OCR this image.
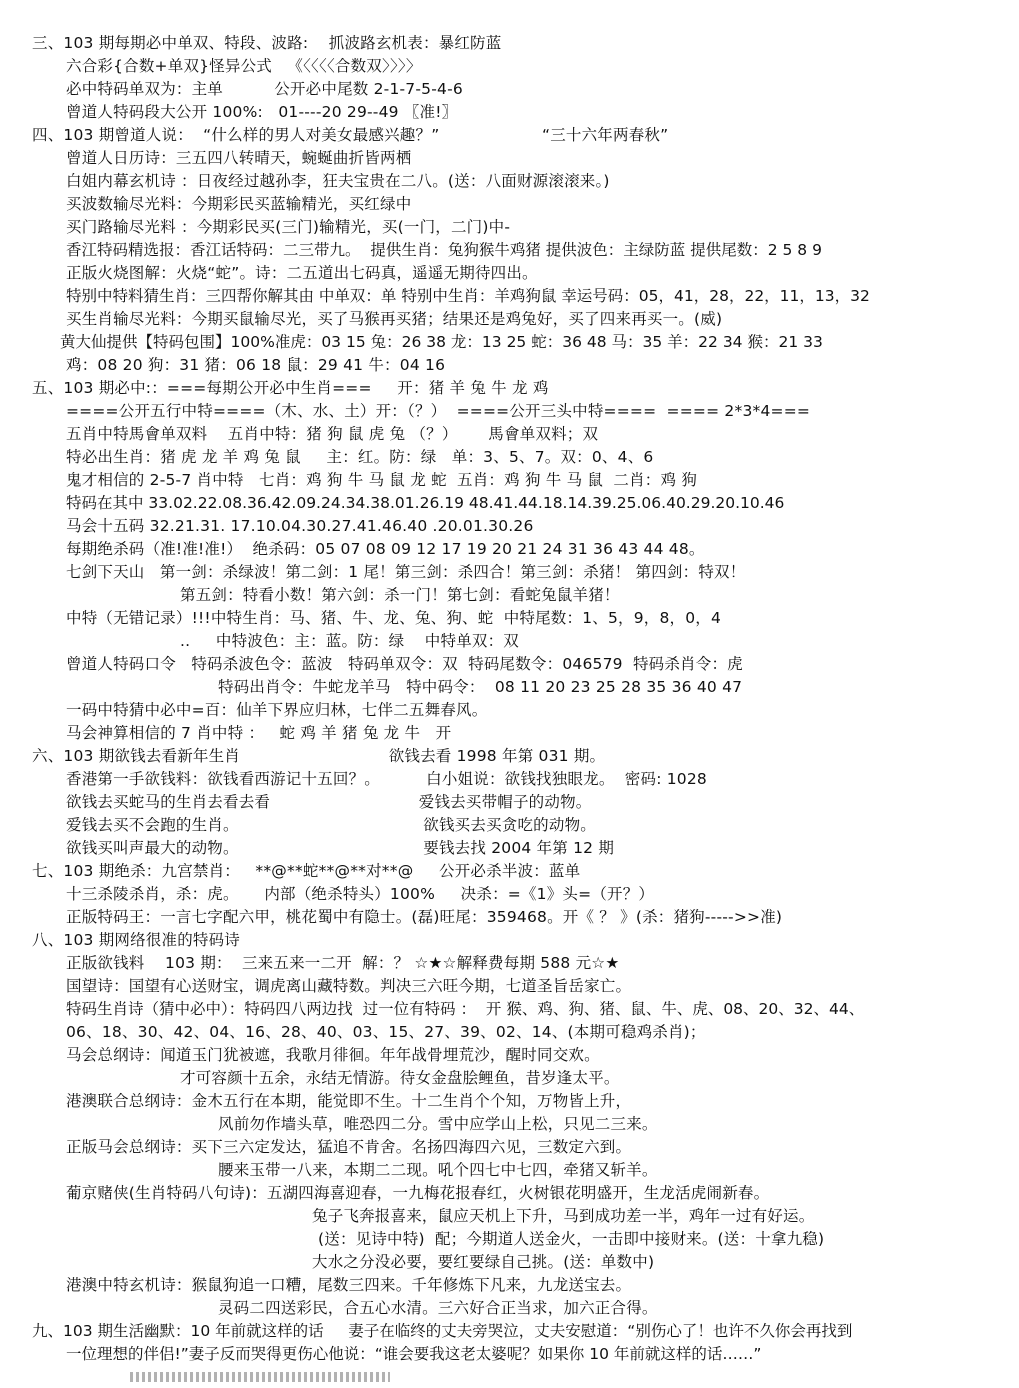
三、103 期每期必中单双、特段、波路:    抓波路玄机表：暴红防蓝
六合彩{合数+单双}怪异公式   《〈〈〈〈合数双〉〉〉〉
必中特码单双为：主单          公开必中尾数 2-1-7-5-4-6
曾道人特码段大公开 100%:   01----20 29--49 〖准!〗
四、103 期曾道人说：  “什么样的男人对美女最感兴趣？”                    “三十六年两春秋”
曾道人日历诗：三五四八转晴天，蜿蜒曲折皆两栖
白姐内幕玄机诗 ：日夜经过越孙李，狂夫宝贵在二八。(送：八面财源滚滚来。)
买波数输尽光料：今期彩民买蓝输精光，买红绿中
买门路输尽光料 ：今期彩民买(三门)输精光，买(一门，二门)中-
香江特码精选报：香江话特码：二三带九。  提供生肖：兔狗猴牛鸡猪 提供波色：主绿防蓝 提供尾数：2 5 8 9
正版火烧图解：火烧“蛇”。诗：二五道出七码真，遥遥无期待四出。
特别中特料猜生肖：三四帮你解其由 中单双：单 特别中生肖：羊鸡狗鼠 幸运号码：05，41，28，22，11，13，32
买生肖输尽光料：今期买鼠输尽光，买了马猴再买猪；结果还是鸡兔好，买了四来再买一。(威)
黄大仙提供【特码包围】100%准虎：03 15 兔：26 38 龙：13 25 蛇：36 48 马：35 羊：22 34 猴：21 33
鸡：08 20 狗：31 猪：06 18 鼠：29 41 牛：04 16
五、103 期必中:：===每期公开必中生肖===     开：猪 羊 兔 牛 龙 鸡
====公开五行中特====（木、水、土）开：（？）  ====公开三头中特====  ==== 2*3*4===
五肖中特馬會单双料    五肖中特：猪 狗 鼠 虎 兔 （？）      馬會单双料；双
特必出生肖：猪 虎 龙 羊 鸡 兔 鼠     主：红。防：绿   单：3、5、7。双：0、4、6
鬼才相信的 2-5-7 肖中特   七肖：鸡 狗 牛 马 鼠 龙 蛇  五肖：鸡 狗 牛 马 鼠  二肖：鸡 狗
特码在其中 33.02.22.08.36.42.09.24.34.38.01.26.19 48.41.44.18.14.39.25.06.40.29.20.10.46
马会十五码 32.21.31. 17.10.04.30.27.41.46.40 .20.01.30.26
每期绝杀码（准!准!准!）  绝杀码：05 07 08 09 12 17 19 20 21 24 31 36 43 44 48。
七剑下天山   第一剑：杀绿波！第二剑：1 尾！第三剑：杀四合！第三剑：杀猪！ 第四剑：特双！
第五剑：特看小数！第六剑：杀一门！第七剑：看蛇兔鼠羊猪！
中特（无错记录）!!!中特生肖：马、猪、牛、龙、兔、狗、蛇  中特尾数：1、5，9，8，0，4
..     中特波色：主：蓝。防：绿    中特单双：双
曾道人特码口令   特码杀波色令：蓝波   特码单双令：双  特码尾数令：046579  特码杀肖令：虎
特码出肖令：牛蛇龙羊马   特中码令：  08 11 20 23 25 28 35 36 40 47
一码中特猜中必中=百：仙羊下界应归林，七伴二五舞春风。
马会神算相信的 7 肖中特 ：   蛇 鸡 羊 猪 兔 龙 牛   开
六、103 期欲钱去看新年生肖                             欲钱去看 1998 年第 031 期。
香港第一手欲钱料：欲钱看西游记十五回？。         白小姐说：欲钱找独眼龙。  密码: 1028
欲钱去买蛇马的生肖去看去看                             爱钱去买带帽子的动物。
爱钱去买不会跑的生肖。                                    欲钱买去买贪吃的动物。
欲钱买叫声最大的动物。                                    要钱去找 2004 年第 12 期
七、103 期绝杀：九宫禁肖：   **@**蛇**@**对**@     公开必杀半波：蓝单
十三杀陵杀肖，杀：虎。     内部（绝杀特头）100%     决杀：=《1》头=（开？）
正版特码王：一言七字配六甲，桃花蜀中有隐士。(磊)旺尾：359468。开《 ？ 》(杀：猪狗----->>准)
八、103 期网络很准的特码诗
正版欲钱料    103 期：  三来五来一二开  解：？ ☆★☆解释费每期 588 元☆★
国望诗：国望有心送财宝，调虎离山藏特数。判决三六旺今期，七道圣旨岳家亡。
特码生肖诗（猜中必中）：特码四八两边找  过一位有特码 ：  开 猴、鸡、狗、猪、鼠、牛、虎、08、20、32、44、
06、18、30、42、04、16、28、40、03、15、27、39、02、14、(本期可稳鸡杀肖)；
马会总纲诗：闻道玉门犹被遮，我歌月徘徊。年年战骨埋荒沙，醒时同交欢。
才可容颜十五余，永结无情游。待女金盘脍鲤鱼，昔岁逢太平。
港澳联合总纲诗：金木五行在本期，能觉即不生。十二生肖个个知，万物皆上升，
风前勿作墙头草，唯恐四二分。雪中应学山上松，只见二三来。
正版马会总纲诗：买下三六定发达，猛追不肯舍。名扬四海四六见，三数定六到。
腰来玉带一八来，本期二二现。吼个四七中七四，牵猪又斩羊。
葡京赌侠(生肖特码八句诗)：五湖四海喜迎春，一九梅花报春红，火树银花明盛开，生龙活虎闹新春。
兔子飞奔报喜来，鼠应天机上下升，马到成功差一半，鸡年一过有好运。
(送：见诗中特)  配；今期道人送金火，一击即中接财来。(送：十拿九稳)
大水之分没必要，要红要绿自己挑。(送：单数中)
港澳中特玄机诗：猴鼠狗追一口糟，尾数三四来。千年修炼下凡来，九龙送宝去。
灵码二四送彩民，合五心水清。三六好合正当求，加六正合得。
九、103 期生活幽默：10 年前就这样的话     妻子在临终的丈夫旁哭泣，丈夫安慰道：“别伤心了！也许不久你会再找到
一位理想的伴侣!”妻子反而哭得更伤心他说：“谁会要我这老太婆呢？如果你 10 年前就这样的话……”
